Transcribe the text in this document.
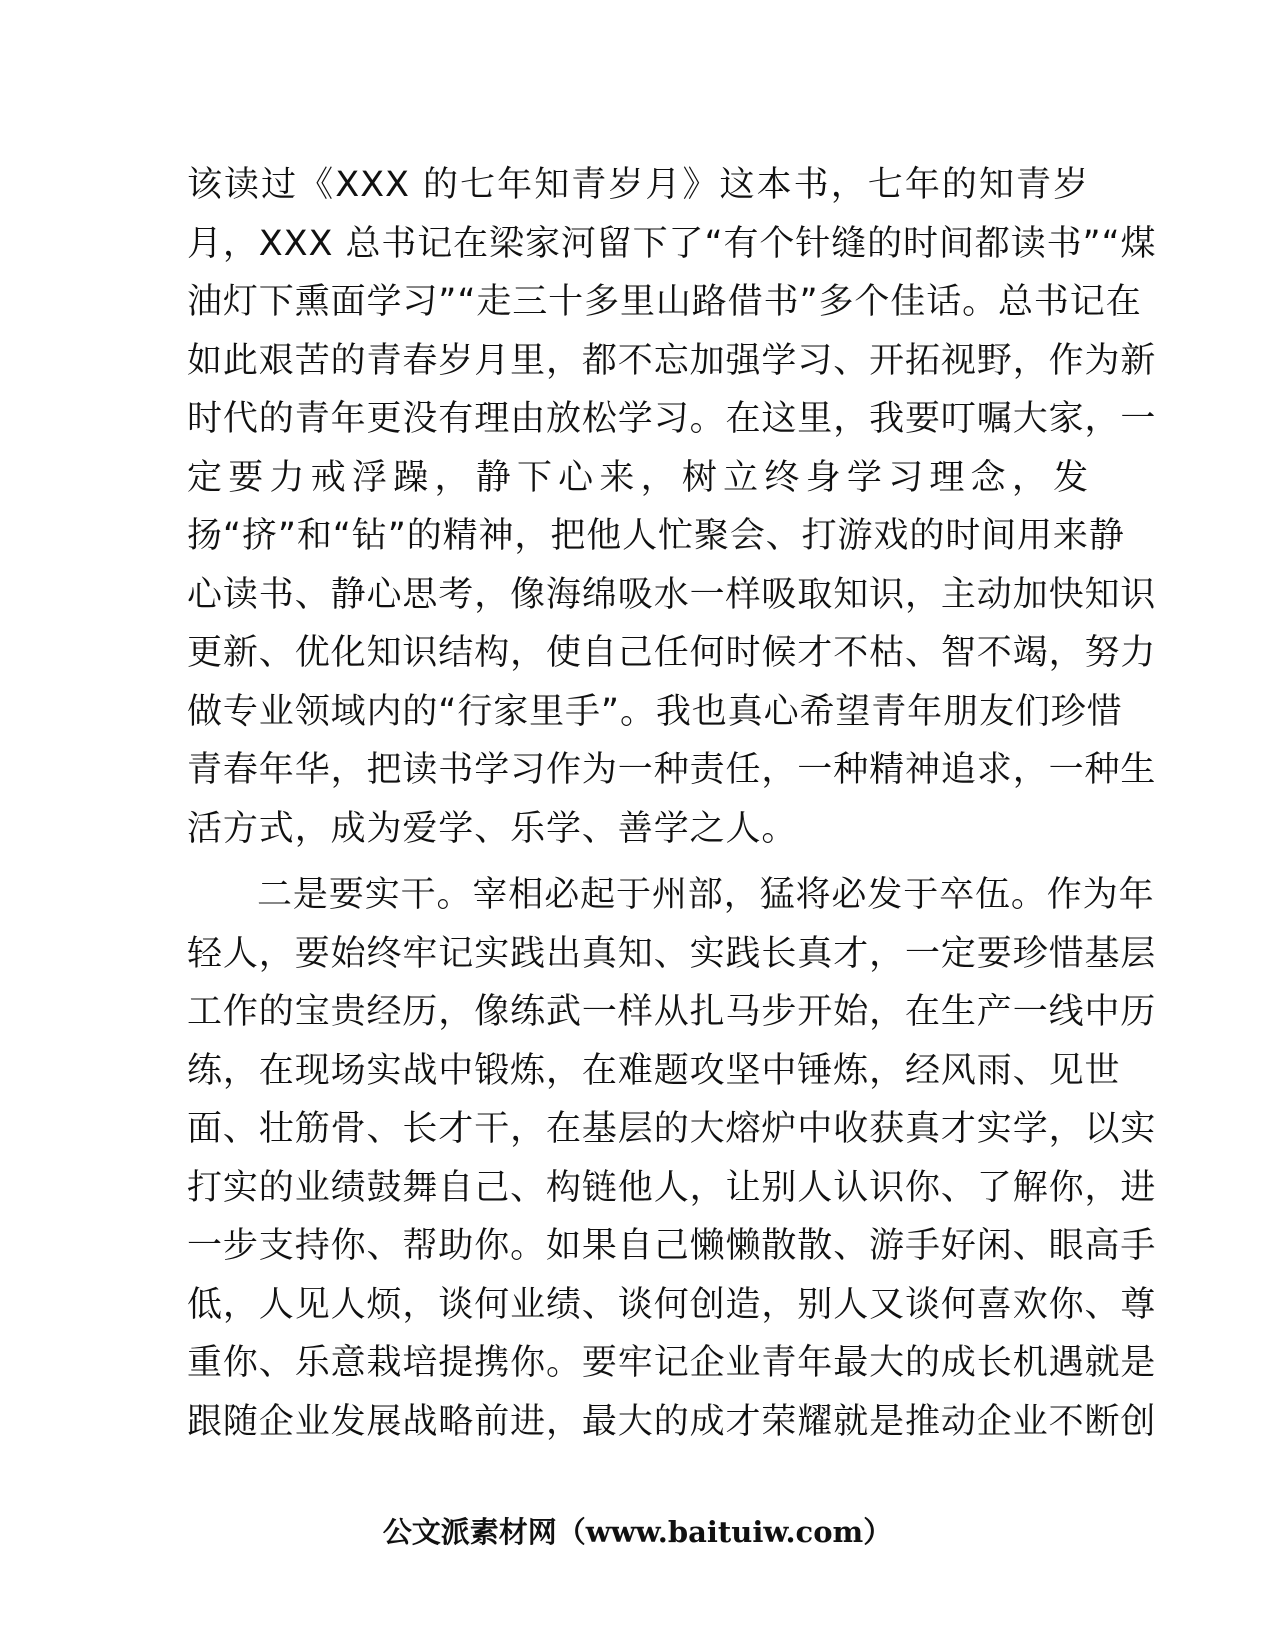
该读过《XXX 的七年知青岁月》这本书，七年的知青岁
月，XXX 总书记在梁家河留下了“有个针缝的时间都读书”“煤
油灯下熏面学习”“走三十多里山路借书”多个佳话。总书记在
如此艰苦的青春岁月里，都不忘加强学习、开拓视野，作为新
时代的青年更没有理由放松学习。在这里，我要叮嘱大家，一
定要力戒浮躁，静下心来，树立终身学习理念，发
扬“挤”和“钻”的精神，把他人忙聚会、打游戏的时间用来静
心读书、静心思考，像海绵吸水一样吸取知识，主动加快知识
更新、优化知识结构，使自己任何时候才不枯、智不竭，努力
做专业领域内的“行家里手”。我也真心希望青年朋友们珍惜
青春年华，把读书学习作为一种责任，一种精神追求，一种生
活方式，成为爱学、乐学、善学之人。
二是要实干。宰相必起于州部，猛将必发于卒伍。作为年
轻人，要始终牢记实践出真知、实践长真才，一定要珍惜基层
工作的宝贵经历，像练武一样从扎马步开始，在生产一线中历
练，在现场实战中锻炼，在难题攻坚中锤炼，经风雨、见世
面、壮筋骨、长才干，在基层的大熔炉中收获真才实学，以实
打实的业绩鼓舞自己、构链他人，让别人认识你、了解你，进
一步支持你、帮助你。如果自己懒懒散散、游手好闲、眼高手
低，人见人烦，谈何业绩、谈何创造，别人又谈何喜欢你、尊
重你、乐意栽培提携你。要牢记企业青年最大的成长机遇就是
跟随企业发展战略前进，最大的成才荣耀就是推动企业不断创
公文派素材网（www.baituiw.com）
